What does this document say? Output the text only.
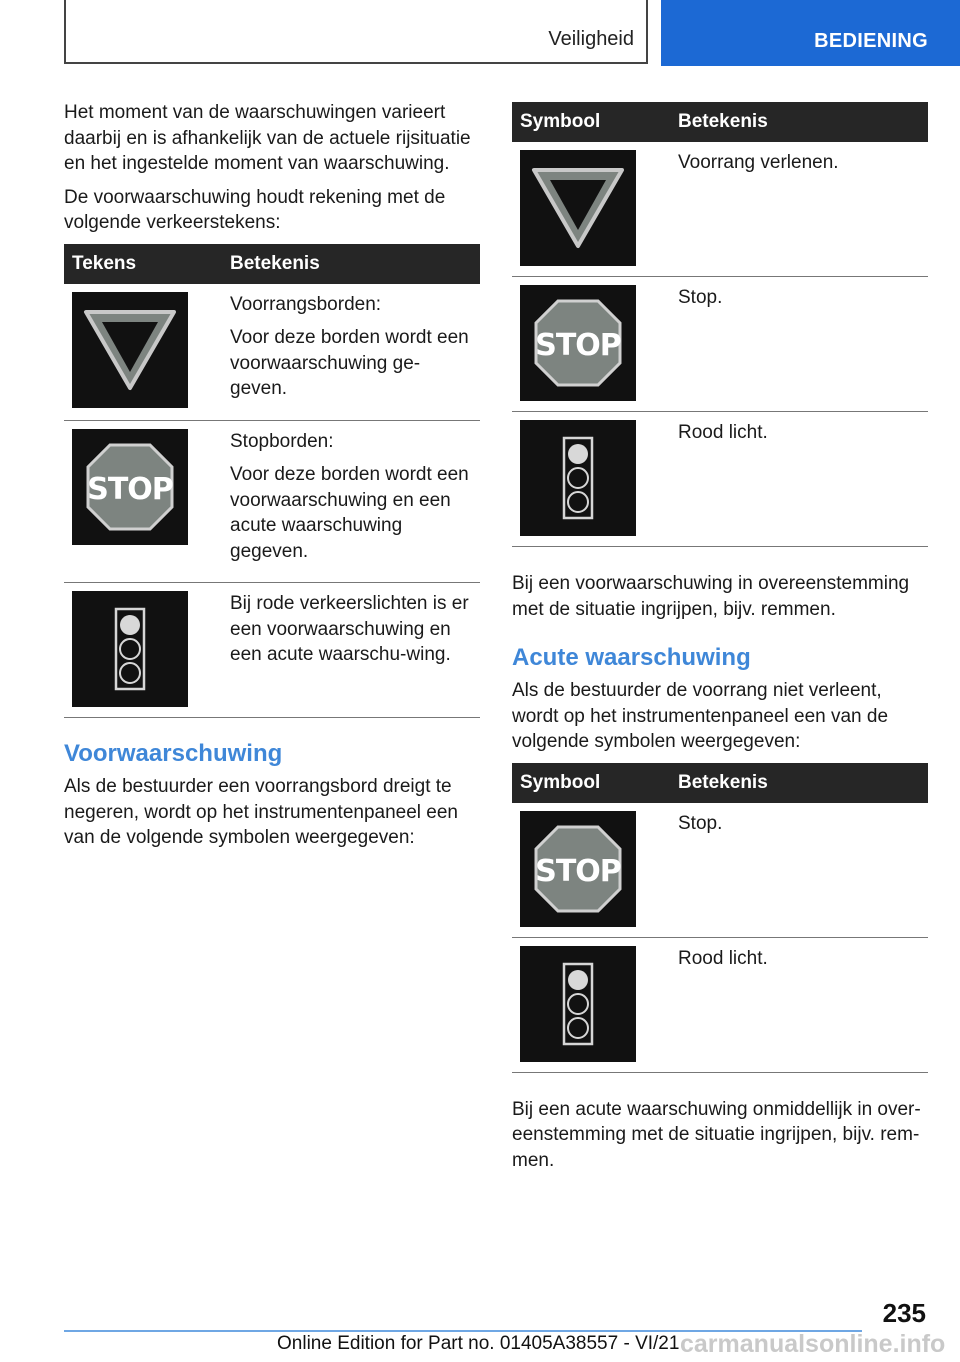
Veiligheid	BEDIENING

Het moment van de waarschuwingen varieert daarbij en is afhankelijk van de actuele rijsituatie en het ingestelde moment van waarschuwing.

De voorwaarschuwing houdt rekening met de volgende verkeerstekens:

Tekens	Betekenis

Voorrangsborden:

Voor deze borden wordt een voorwaarschuwing ge-geven.

Stopborden:

Voor deze borden wordt een voorwaarschuwing en een acute waarschuwing gegeven.

Bij rode verkeerslichten is er een voorwaarschuwing en een acute waarschu-wing.

Voorwaarschuwing

Als de bestuurder een voorrangsbord dreigt te negeren, wordt op het instrumentenpaneel een van de volgende symbolen weergegeven:

Symbool	Betekenis

Voorrang verlenen.

Stop.

Rood licht.

Bij een voorwaarschuwing in overeenstemming met de situatie ingrijpen, bijv. remmen.

Acute waarschuwing

Als de bestuurder de voorrang niet verleent, wordt op het instrumentenpaneel een van de volgende symbolen weergegeven:

Symbool	Betekenis

Stop.

Rood licht.

Bij een acute waarschuwing onmiddellijk in over-eenstemming met de situatie ingrijpen, bijv. rem-men.

235
Online Edition for Part no. 01405A38557 - VI/21 carmanualsonline.info
